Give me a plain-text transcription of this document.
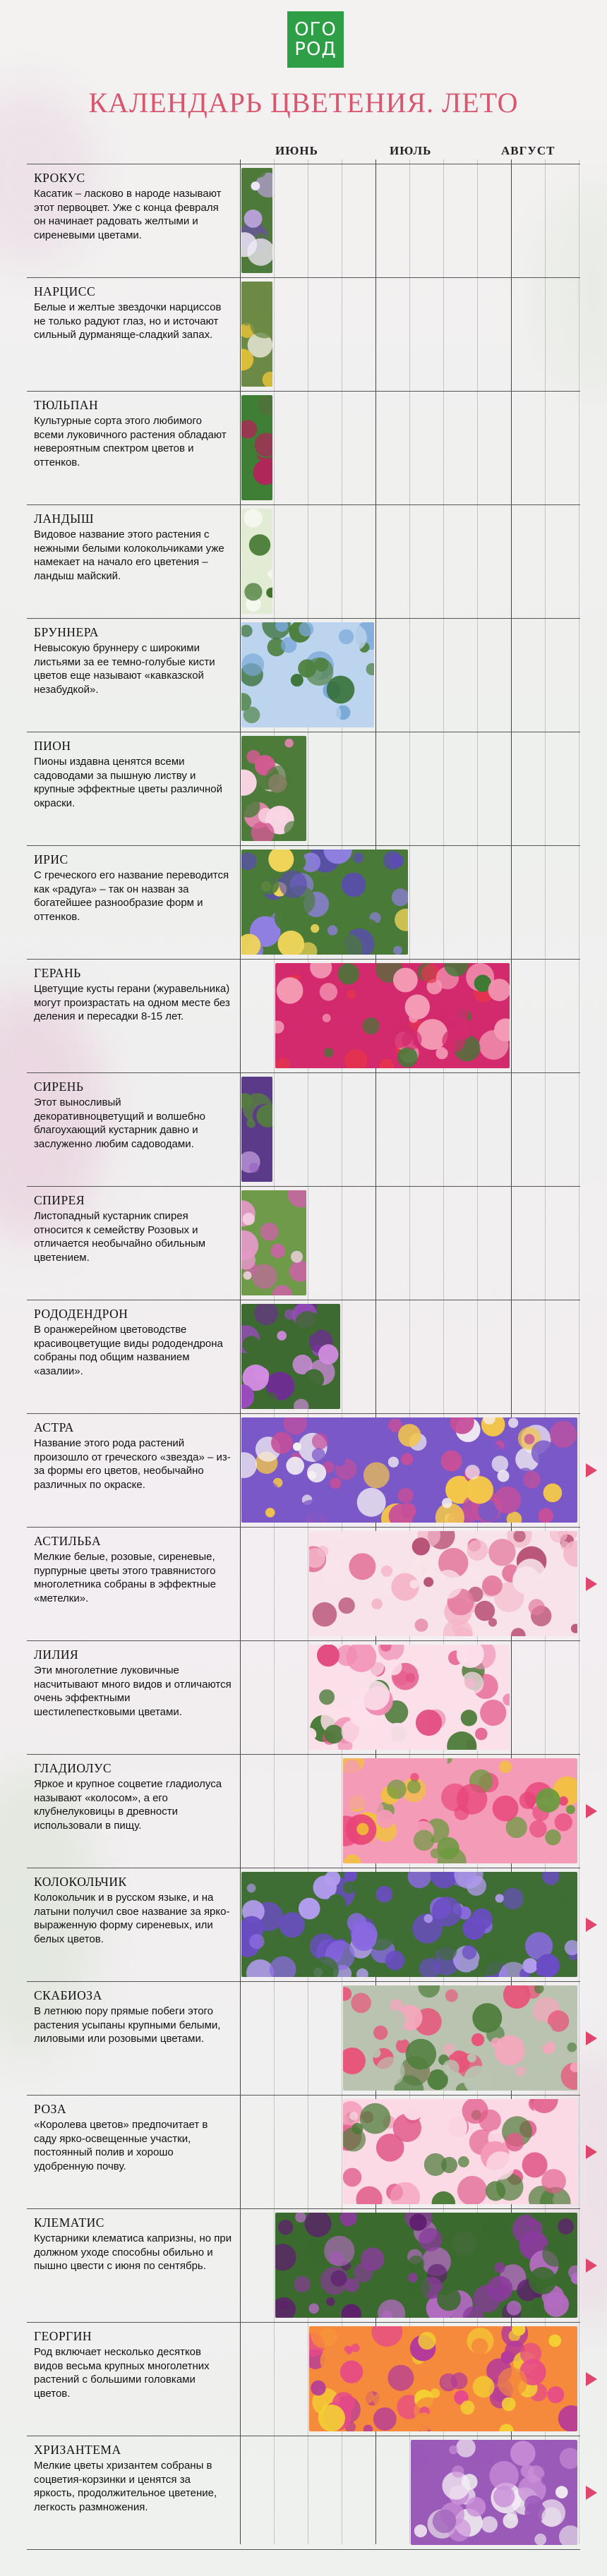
ОГО
РОД
КАЛЕНДАРЬ ЦВЕТЕНИЯ. ЛЕТО
ИЮНЬ	ИЮЛЬ	АВГУСТ
КРОКУС

Касатик – ласково в народе называют этот первоцвет. Уже с конца февраля он начинает радовать желтыми и сиреневыми цветами.

НАРЦИСС

Белые и желтые звездочки нарциссов не только радуют глаз, но и источают сильный дурманяще-сладкий запах.

ТЮЛЬПАН

Культурные сорта этого любимого всеми луковичного растения обладают невероятным спектром цветов и оттенков.

ЛАНДЫШ

Видовое название этого растения с нежными белыми колокольчиками уже намекает на начало его цветения – ландыш майский.

БРУННЕРА

Невысокую бруннеру с широкими листьями за ее темно-голубые кисти цветов еще называют «кавказской незабудкой».

ПИОН

Пионы издавна ценятся всеми садоводами за пышную листву и крупные эффектные цветы различной окраски.

ИРИС

С греческого его название переводится как «радуга» – так он назван за богатейшее разнообразие форм и оттенков.

ГЕРАНЬ

Цветущие кусты герани (журавельника) могут произрастать на одном месте без деления и пересадки 8-15 лет.

СИРЕНЬ

Этот выносливый декоративноцветущий и волшебно благоухающий кустарник давно и заслуженно любим садоводами.

СПИРЕЯ

Листопадный кустарник спирея относится к семейству Розовых и отличается необычайно обильным цветением.

РОДОДЕНДРОН

В оранжерейном цветоводстве красивоцветущие виды рододендрона собраны под общим названием «азалии».

АСТРА

Название этого рода растений произошло от греческого «звезда» – из-за формы его цветов, необычайно различных по окраске.

АСТИЛЬБА

Мелкие белые, розовые, сиреневые, пурпурные цветы этого травянистого многолетника собраны в эффектные «метелки».

ЛИЛИЯ

Эти многолетние луковичные насчитывают много видов и отличаются очень эффектными шестилепестковыми цветами.

ГЛАДИОЛУС

Яркое и крупное соцветие гладиолуса называют «колосом», а его клубнелуковицы в древности использовали в пищу.

КОЛОКОЛЬЧИК

Колокольчик и в русском языке, и на латыни получил свое название за ярко-выраженную форму сиреневых, или белых цветов.

СКАБИОЗА

В летнюю пору прямые побеги этого растения усыпаны крупными белыми, лиловыми или розовыми цветами.

РОЗА

«Королева цветов» предпочитает в саду ярко-освещенные участки, постоянный полив и хорошо удобренную почву.

КЛЕМАТИС

Кустарники клематиса капризны, но при должном уходе способны обильно и пышно цвести с июня по сентябрь.

ГЕОРГИН

Род включает несколько десятков видов весьма крупных многолетних растений с большими головками цветов.

ХРИЗАНТЕМА

Мелкие цветы хризантем собраны в соцветия-корзинки и ценятся за яркость, продолжительное цветение, легкость размножения.
